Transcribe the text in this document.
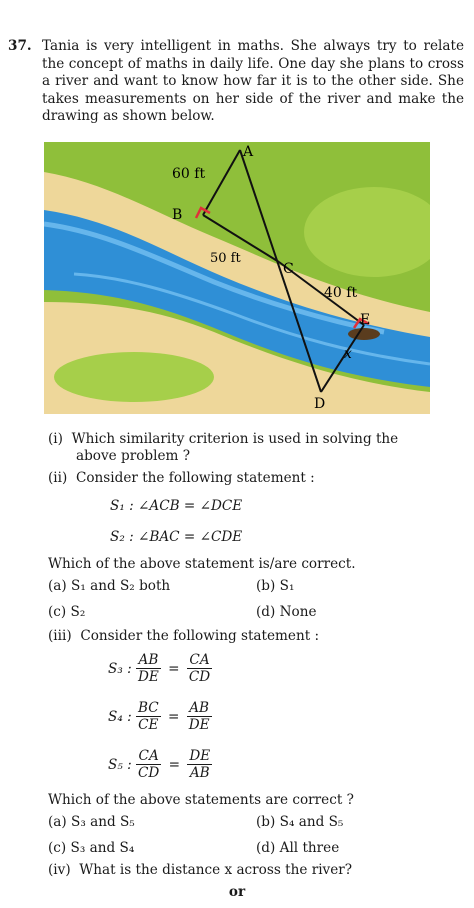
37. Tania is very intelligent in maths. She always try to relate the concept of maths in daily life. One day she plans to cross a river and want to know how far it is to the other side. She takes measurements on her side of the river and make the drawing as shown below.
A
B
C
D
E
60 ft
50 ft
40 ft
x
(i) Which similarity criterion is used in solving the
above problem ?
(ii) Consider the following statement :
S₁ : ∠ACB = ∠DCE
S₂ : ∠BAC = ∠CDE
Which of the above statement is/are correct.
(a) S₁ and S₂ both	(b) S₁
(c) S₂	(d) None
(iii) Consider the following statement :
S₃ : $\frac{AB}{DE} = \frac{CA}{CD}$
S₄ : $\frac{BC}{CE} = \frac{AB}{DE}$
S₅ : $\frac{CA}{CD} = \frac{DE}{AB}$
Which of the above statements are correct ?
(a) S₃ and S₅	(b) S₄ and S₅
(c) S₃ and S₄	(d) All three
(iv) What is the distance x across the river?
or
